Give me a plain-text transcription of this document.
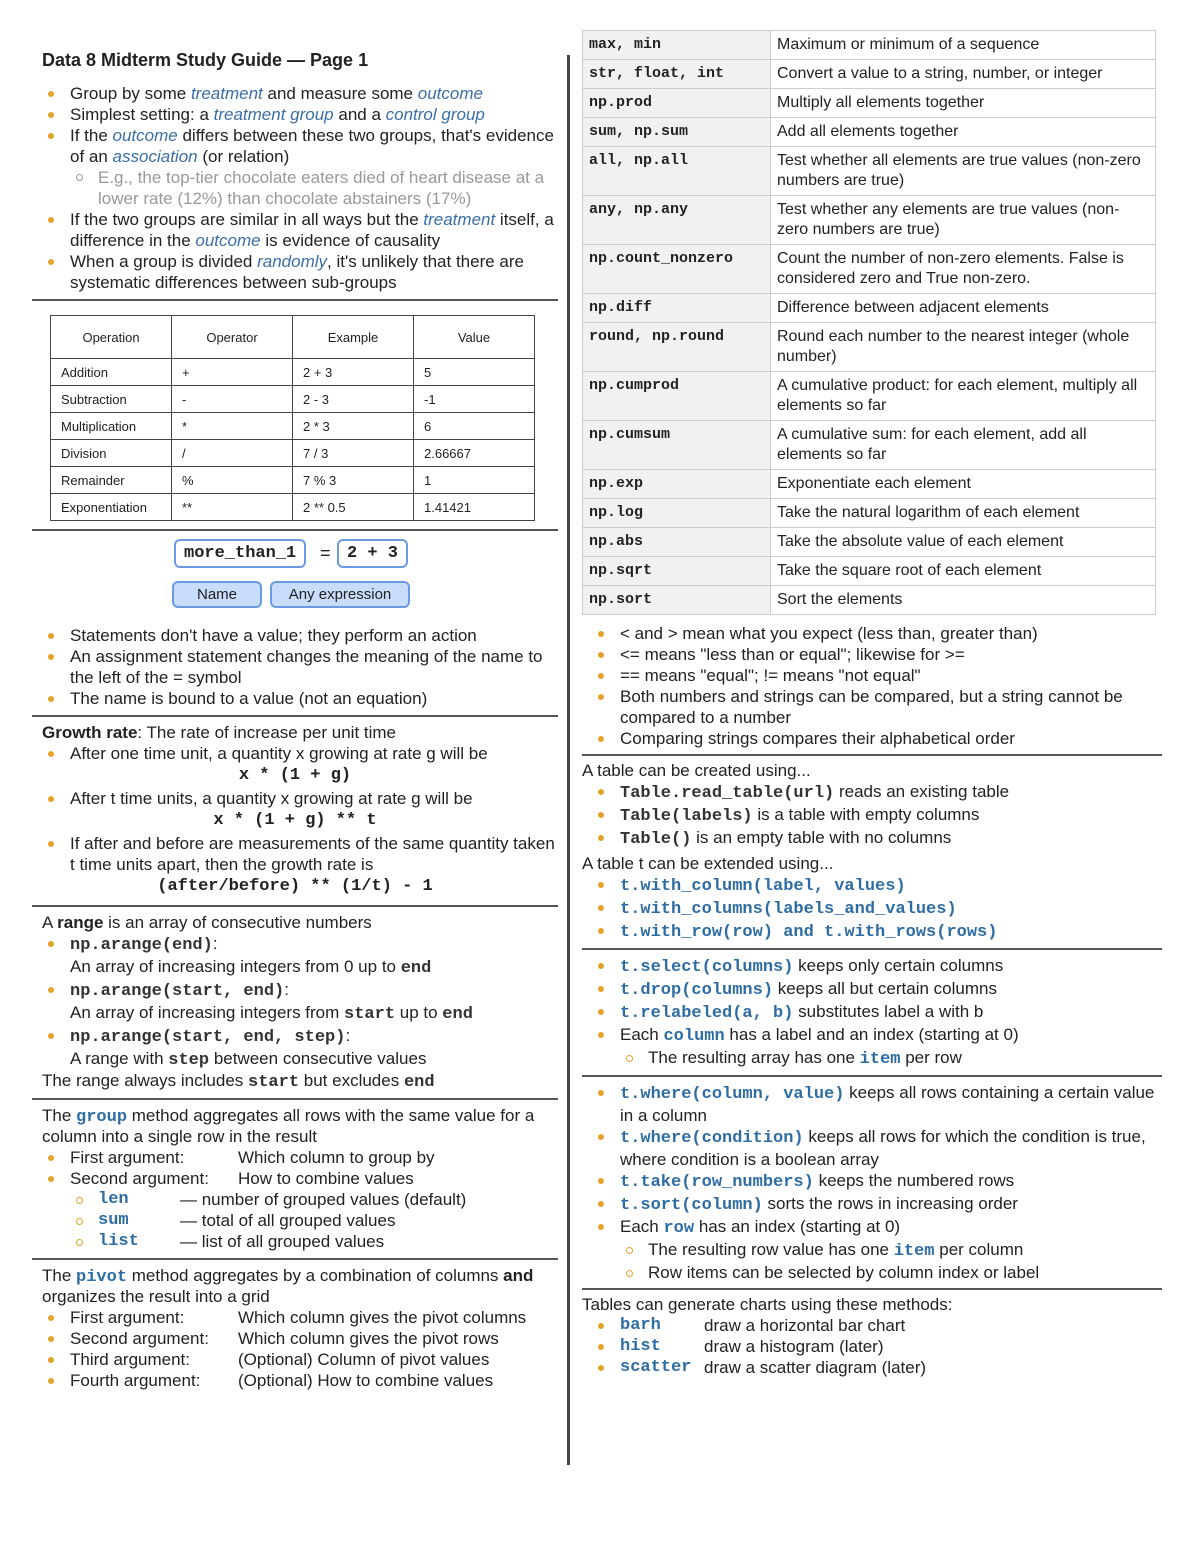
Data 8 Midterm Study Guide — Page 1
Group by some treatment and measure some outcome
Simplest setting: a treatment group and a control group
If the outcome differs between these two groups, that's evidence of an association (or relation)
E.g., the top-tier chocolate eaters died of heart disease at a lower rate (12%) than chocolate abstainers (17%)
If the two groups are similar in all ways but the treatment itself, a difference in the outcome is evidence of causality
When a group is divided randomly, it's unlikely that there are systematic differences between sub-groups
Operation	Operator	Example	Value
Addition	+	2 + 3	5
Subtraction	-	2 - 3	-1
Multiplication	*	2 * 3	6
Division	/	7 / 3	2.66667
Remainder	%	7 % 3	1
Exponentiation	**	2 ** 0.5	1.41421
more_than_1	= 2 + 3
Name	Any expression
Statements don't have a value; they perform an action
An assignment statement changes the meaning of the name to the left of the = symbol
The name is bound to a value (not an equation)
Growth rate: The rate of increase per unit time
After one time unit, a quantity x growing at rate g will be
x * (1 + g)
After t time units, a quantity x growing at rate g will be
x * (1 + g) ** t
If after and before are measurements of the same quantity taken t time units apart, then the growth rate is
(after/before) ** (1/t) - 1
A range is an array of consecutive numbers
np.arange(end):
An array of increasing integers from 0 up to end
np.arange(start, end):
An array of increasing integers from start up to end
np.arange(start, end, step):
A range with step between consecutive values
The range always includes start but excludes end
The group method aggregates all rows with the same value for a column into a single row in the result
First argument:	Which column to group by
Second argument:	How to combine values
len	— number of grouped values (default)
sum	— total of all grouped values
list	— list of all grouped values
The pivot method aggregates by a combination of columns and organizes the result into a grid
First argument:	Which column gives the pivot columns
Second argument:	Which column gives the pivot rows
Third argument:	(Optional) Column of pivot values
Fourth argument:	(Optional) How to combine values
max, min	Maximum or minimum of a sequence
str, float, int	Convert a value to a string, number, or integer
np.prod	Multiply all elements together
sum, np.sum	Add all elements together
all, np.all	Test whether all elements are true values (non-zero numbers are true)
any, np.any	Test whether any elements are true values (non-zero numbers are true)
np.count_nonzero	Count the number of non-zero elements. False is considered zero and True non-zero.
np.diff	Difference between adjacent elements
round, np.round	Round each number to the nearest integer (whole number)
np.cumprod	A cumulative product: for each element, multiply all elements so far
np.cumsum	A cumulative sum: for each element, add all elements so far
np.exp	Exponentiate each element
np.log	Take the natural logarithm of each element
np.abs	Take the absolute value of each element
np.sqrt	Take the square root of each element
np.sort	Sort the elements
< and > mean what you expect (less than, greater than)
<= means "less than or equal"; likewise for >=
== means "equal"; != means "not equal"
Both numbers and strings can be compared, but a string cannot be compared to a number
Comparing strings compares their alphabetical order
A table can be created using...
Table.read_table(url) reads an existing table
Table(labels) is a table with empty columns
Table() is an empty table with no columns
A table t can be extended using...
t.with_column(label, values)
t.with_columns(labels_and_values)
t.with_row(row) and t.with_rows(rows)
t.select(columns) keeps only certain columns
t.drop(columns) keeps all but certain columns
t.relabeled(a, b) substitutes label a with b
Each column has a label and an index (starting at 0)
The resulting array has one item per row
t.where(column, value) keeps all rows containing a certain value in a column
t.where(condition) keeps all rows for which the condition is true, where condition is a boolean array
t.take(row_numbers) keeps the numbered rows
t.sort(column) sorts the rows in increasing order
Each row has an index (starting at 0)
The resulting row value has one item per column
Row items can be selected by column index or label
Tables can generate charts using these methods:
barh	draw a horizontal bar chart
hist	draw a histogram (later)
scatter draw a scatter diagram (later)
